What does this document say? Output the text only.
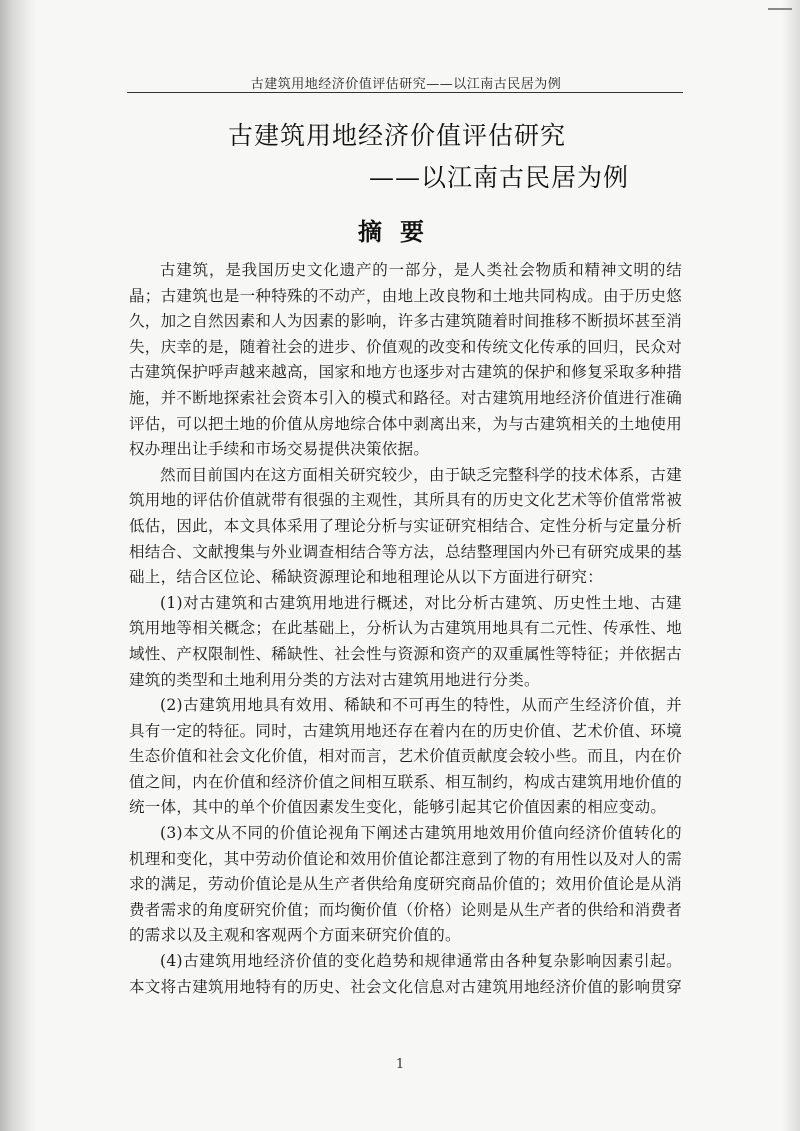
古建筑用地经济价值评估研究——以江南古民居为例
古建筑用地经济价值评估研究
——以江南古民居为例
摘要

古建筑，是我国历史文化遗产的一部分，是人类社会物质和精神文明的结晶；古建筑也是一种特殊的不动产，由地上改良物和土地共同构成。由于历史悠久，加之自然因素和人为因素的影响，许多古建筑随着时间推移不断损坏甚至消失，庆幸的是，随着社会的进步、价值观的改变和传统文化传承的回归，民众对古建筑保护呼声越来越高，国家和地方也逐步对古建筑的保护和修复采取多种措施，并不断地探索社会资本引入的模式和路径。对古建筑用地经济价值进行准确评估，可以把土地的价值从房地综合体中剥离出来，为与古建筑相关的土地使用权办理出让手续和市场交易提供决策依据。

然而目前国内在这方面相关研究较少，由于缺乏完整科学的技术体系，古建筑用地的评估价值就带有很强的主观性，其所具有的历史文化艺术等价值常常被低估，因此，本文具体采用了理论分析与实证研究相结合、定性分析与定量分析相结合、文献搜集与外业调查相结合等方法，总结整理国内外已有研究成果的基础上，结合区位论、稀缺资源理论和地租理论从以下方面进行研究：

(1)对古建筑和古建筑用地进行概述，对比分析古建筑、历史性土地、古建筑用地等相关概念；在此基础上，分析认为古建筑用地具有二元性、传承性、地域性、产权限制性、稀缺性、社会性与资源和资产的双重属性等特征；并依据古建筑的类型和土地利用分类的方法对古建筑用地进行分类。

(2)古建筑用地具有效用、稀缺和不可再生的特性，从而产生经济价值，并具有一定的特征。同时，古建筑用地还存在着内在的历史价值、艺术价值、环境生态价值和社会文化价值，相对而言，艺术价值贡献度会较小些。而且，内在价值之间，内在价值和经济价值之间相互联系、相互制约，构成古建筑用地价值的统一体，其中的单个价值因素发生变化，能够引起其它价值因素的相应变动。

(3)本文从不同的价值论视角下阐述古建筑用地效用价值向经济价值转化的机理和变化，其中劳动价值论和效用价值论都注意到了物的有用性以及对人的需求的满足，劳动价值论是从生产者供给角度研究商品价值的；效用价值论是从消费者需求的角度研究价值；而均衡价值（价格）论则是从生产者的供给和消费者的需求以及主观和客观两个方面来研究价值的。

(4)古建筑用地经济价值的变化趋势和规律通常由各种复杂影响因素引起。本文将古建筑用地特有的历史、社会文化信息对古建筑用地经济价值的影响贯穿

1
